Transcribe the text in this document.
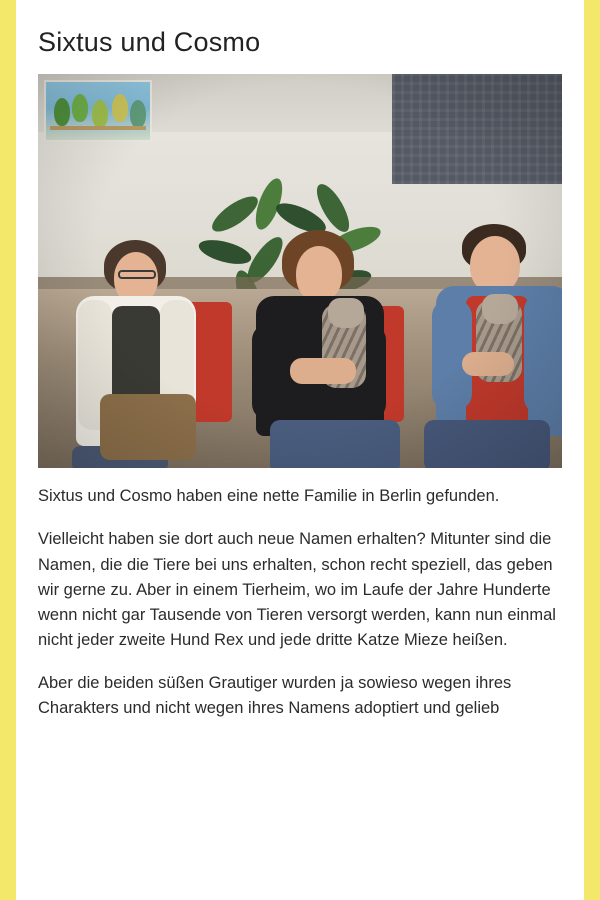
Sixtus und Cosmo

Sixtus und Cosmo haben eine nette Familie in Berlin gefunden.

Vielleicht haben sie dort auch neue Namen erhalten? Mitunter sind die Namen, die die Tiere bei uns erhalten, schon recht speziell, das geben wir gerne zu. Aber in einem Tierheim, wo im Laufe der Jahre Hunderte wenn nicht gar Tausende von Tieren versorgt werden, kann nun einmal nicht jeder zweite Hund Rex und jede dritte Katze Mieze heißen.

Aber die beiden süßen Grautiger wurden ja sowieso wegen ihres Charakters und nicht wegen ihres Namens adoptiert und gelieb
